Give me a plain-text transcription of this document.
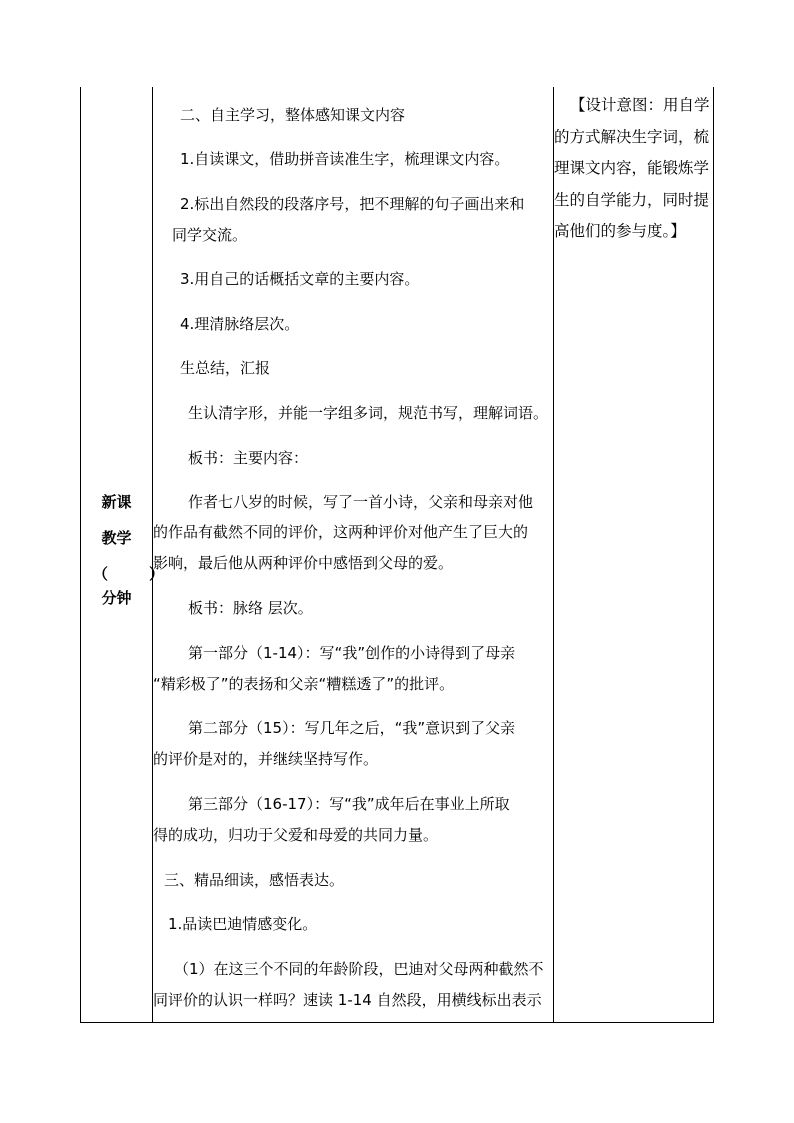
新课
教学
（	）
分钟
二、自主学习，整体感知课文内容
1.自读课文，借助拼音读准生字，梳理课文内容。
2.标出自然段的段落序号，把不理解的句子画出来和
同学交流。
3.用自己的话概括文章的主要内容。
4.理清脉络层次。
生总结，汇报
生认清字形，并能一字组多词，规范书写，理解词语。
板书：主要内容：
作者七八岁的时候，写了一首小诗，父亲和母亲对他
的作品有截然不同的评价，这两种评价对他产生了巨大的
影响，最后他从两种评价中感悟到父母的爱。
板书：脉络 层次。
第一部分（1-14）：写“我”创作的小诗得到了母亲
“精彩极了”的表扬和父亲“糟糕透了”的批评。
第二部分（15）：写几年之后，“我”意识到了父亲
的评价是对的，并继续坚持写作。
第三部分（16-17）：写“我”成年后在事业上所取
得的成功，归功于父爱和母爱的共同力量。
三、精品细读，感悟表达。
1.品读巴迪情感变化。
（1）在这三个不同的年龄阶段，巴迪对父母两种截然不
同评价的认识一样吗？速读 1-14 自然段，用横线标出表示
【设计意图：用自学
的方式解决生字词，梳
理课文内容，能锻炼学
生的自学能力，同时提
高他们的参与度。】
